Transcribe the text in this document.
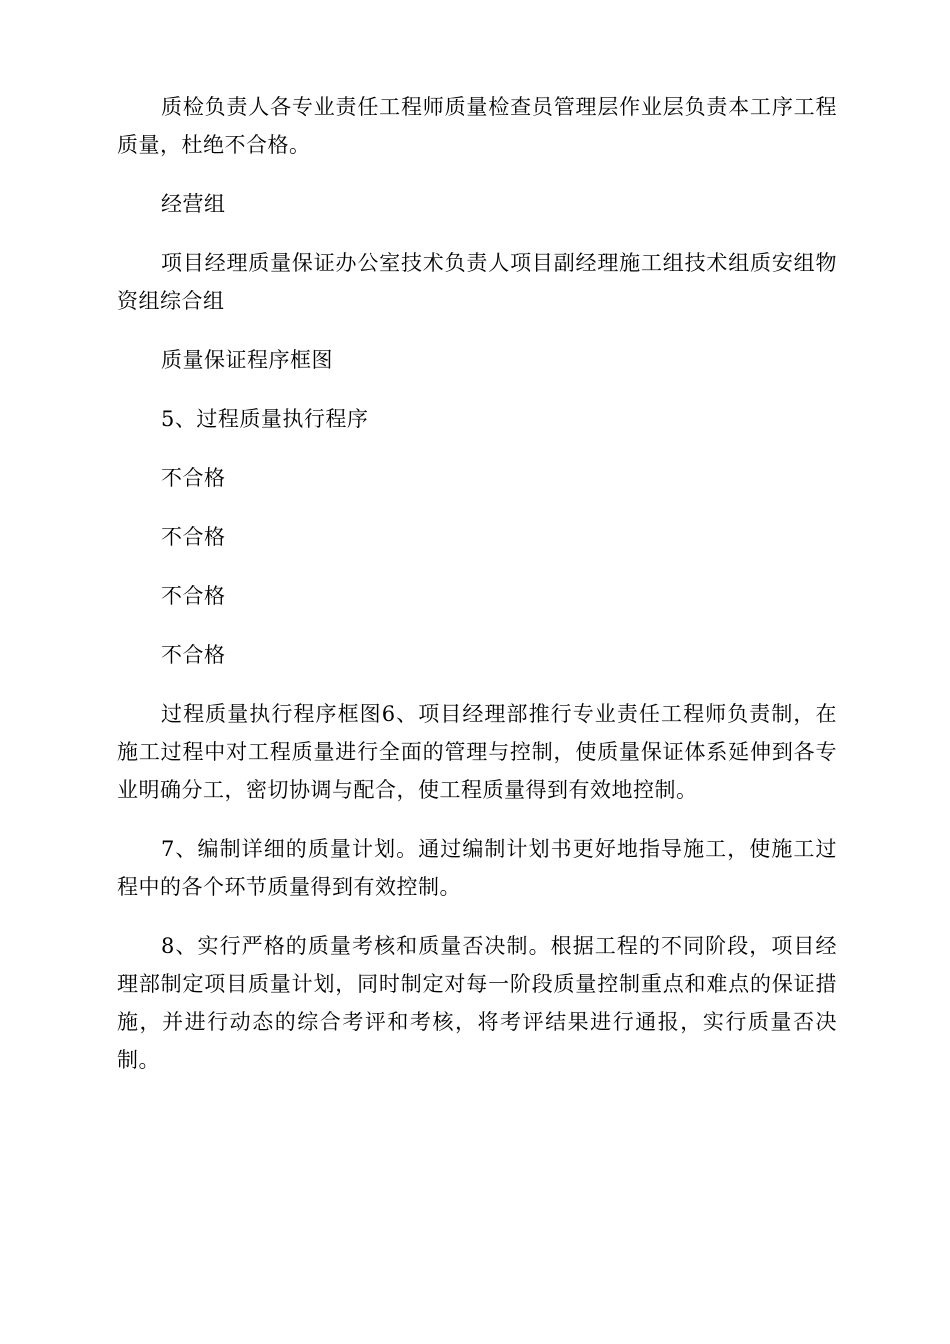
质检负责人各专业责任工程师质量检查员管理层作业层负责本工序工程质量，杜绝不合格。

经营组

项目经理质量保证办公室技术负责人项目副经理施工组技术组质安组物资组综合组

质量保证程序框图

5、过程质量执行程序

不合格

不合格

不合格

不合格

过程质量执行程序框图6、项目经理部推行专业责任工程师负责制，在施工过程中对工程质量进行全面的管理与控制，使质量保证体系延伸到各专业明确分工，密切协调与配合，使工程质量得到有效地控制。

7、编制详细的质量计划。通过编制计划书更好地指导施工，使施工过程中的各个环节质量得到有效控制。

8、实行严格的质量考核和质量否决制。根据工程的不同阶段，项目经理部制定项目质量计划，同时制定对每一阶段质量控制重点和难点的保证措施，并进行动态的综合考评和考核，将考评结果进行通报，实行质量否决制。
